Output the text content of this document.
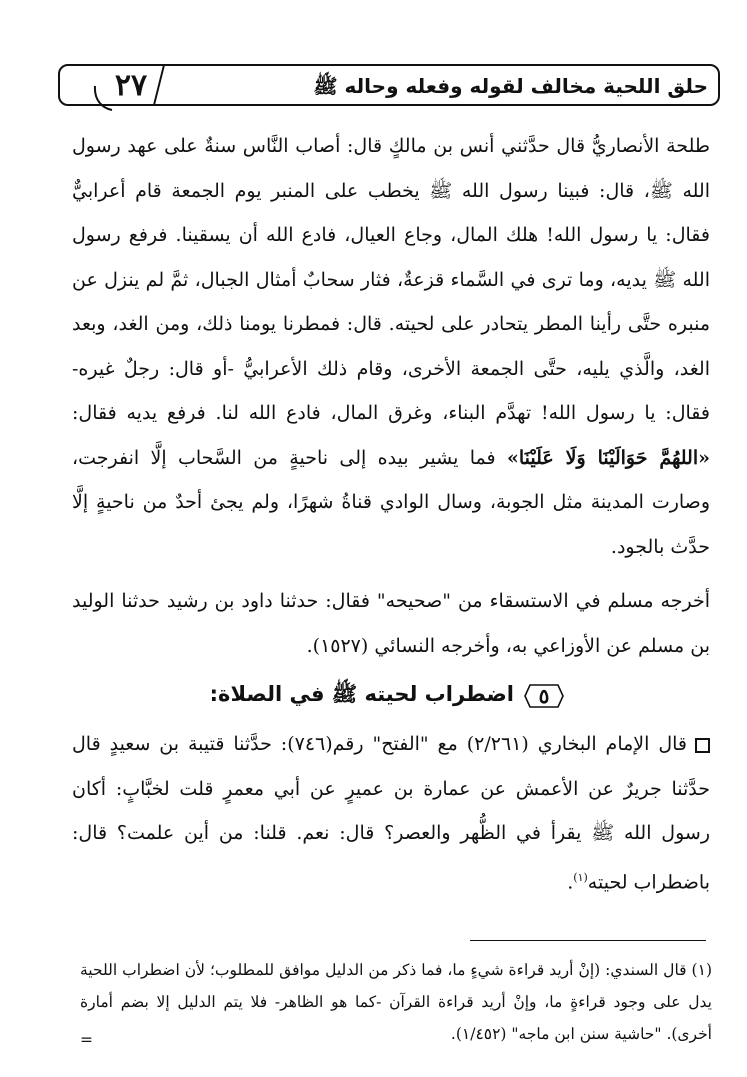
٢٧	حلق اللحية مخالف لقوله وفعله وحاله ﷺ

طلحة الأنصاريُّ قال حدَّثني أنس بن مالكٍ قال: أصاب النَّاس سنةٌ على عهد رسول الله ﷺ، قال: فبينا رسول الله ﷺ يخطب على المنبر يوم الجمعة قام أعرابيٌّ فقال: يا رسول الله! هلك المال، وجاع العيال، فادع الله أن يسقينا. فرفع رسول الله ﷺ يديه، وما ترى في السَّماء قزعةٌ، فثار سحابٌ أمثال الجبال، ثمَّ لم ينزل عن منبره حتَّى رأينا المطر يتحادر على لحيته. قال: فمطرنا يومنا ذلك، ومن الغد، وبعد الغد، والَّذي يليه، حتَّى الجمعة الأخرى، وقام ذلك الأعرابيُّ -أو قال: رجلٌ غيره- فقال: يا رسول الله! تهدَّم البناء، وغرق المال، فادع الله لنا. فرفع يديه فقال: «اللهُمَّ حَوَالَيْنَا وَلَا عَلَيْنَا» فما يشير بيده إلى ناحيةٍ من السَّحاب إلَّا انفرجت، وصارت المدينة مثل الجوبة، وسال الوادي قناةُ شهرًا، ولم يجئ أحدٌ من ناحيةٍ إلَّا حدَّث بالجود.

أخرجه مسلم في الاستسقاء من "صحيحه" فقال: حدثنا داود بن رشيد حدثنا الوليد بن مسلم عن الأوزاعي به، وأخرجه النسائي (١٥٢٧).

٥
اضطراب لحيته ﷺ في الصلاة:

قال الإمام البخاري (٢/٢٦١) مع "الفتح" رقم(٧٤٦): حدَّثنا قتيبة بن سعيدٍ قال حدَّثنا جريرٌ عن الأعمش عن عمارة بن عميرٍ عن أبي معمرٍ قلت لخبَّابٍ: أكان رسول الله ﷺ يقرأ في الظُّهر والعصر؟ قال: نعم. قلنا: من أين علمت؟ قال: باضطراب لحيته$^{(١)}$.

(١) قال السندي: (إنْ أريد قراءة شيءٍ ما، فما ذكر من الدليل موافق للمطلوب؛ لأن اضطراب اللحية يدل على وجود قراءةٍ ما، وإنْ أريد قراءة القرآن -كما هو الظاهر- فلا يتم الدليل إلا بضم أمارة أخرى). "حاشية سنن ابن ماجه" (١/٤٥٢).
=
